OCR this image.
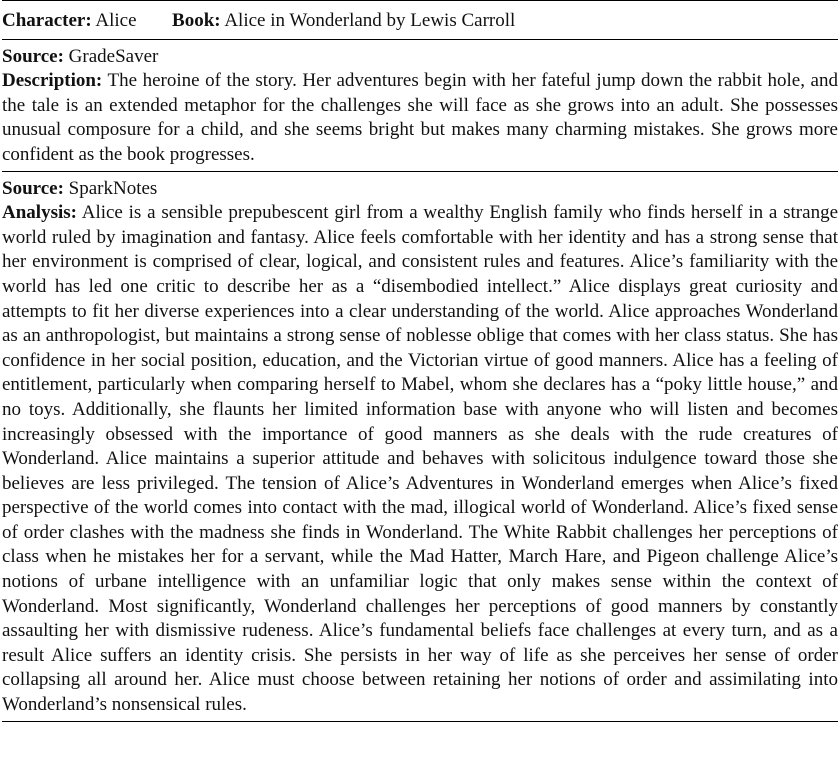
Character: Alice Book: Alice in Wonderland by Lewis Carroll
Source: GradeSaver
Description: The heroine of the story. Her adventures begin with her fateful jump down the rabbit hole, and the tale is an extended metaphor for the challenges she will face as she grows into an adult. She possesses unusual composure for a child, and she seems bright but makes many charming mistakes. She grows more confident as the book progresses.
Source: SparkNotes
Analysis: Alice is a sensible prepubescent girl from a wealthy English family who finds herself in a strange world ruled by imagination and fantasy. Alice feels comfortable with her identity and has a strong sense that her environment is comprised of clear, logical, and consistent rules and features. Alice’s familiarity with the world has led one critic to describe her as a “disembodied intellect.” Alice displays great curiosity and attempts to fit her diverse experiences into a clear understanding of the world. Alice approaches Wonderland as an anthropologist, but maintains a strong sense of noblesse oblige that comes with her class status. She has confidence in her social position, education, and the Victorian virtue of good manners. Alice has a feeling of entitlement, particularly when comparing herself to Mabel, whom she declares has a “poky little house,” and no toys. Additionally, she flaunts her limited information base with anyone who will listen and becomes increasingly obsessed with the importance of good manners as she deals with the rude creatures of Wonderland. Alice maintains a superior attitude and behaves with solicitous indulgence toward those she believes are less privileged. The tension of Alice’s Adventures in Wonderland emerges when Alice’s fixed perspective of the world comes into contact with the mad, illogical world of Wonderland. Alice’s fixed sense of order clashes with the madness she finds in Wonderland. The White Rabbit challenges her perceptions of class when he mistakes her for a servant, while the Mad Hatter, March Hare, and Pigeon challenge Alice’s notions of urbane intelligence with an unfamiliar logic that only makes sense within the context of Wonderland. Most significantly, Wonderland challenges her perceptions of good manners by constantly assaulting her with dismissive rudeness. Alice’s fundamental beliefs face challenges at every turn, and as a result Alice suffers an identity crisis. She persists in her way of life as she perceives her sense of order collapsing all around her. Alice must choose between retaining her notions of order and assimilating into Wonderland’s nonsensical rules.
